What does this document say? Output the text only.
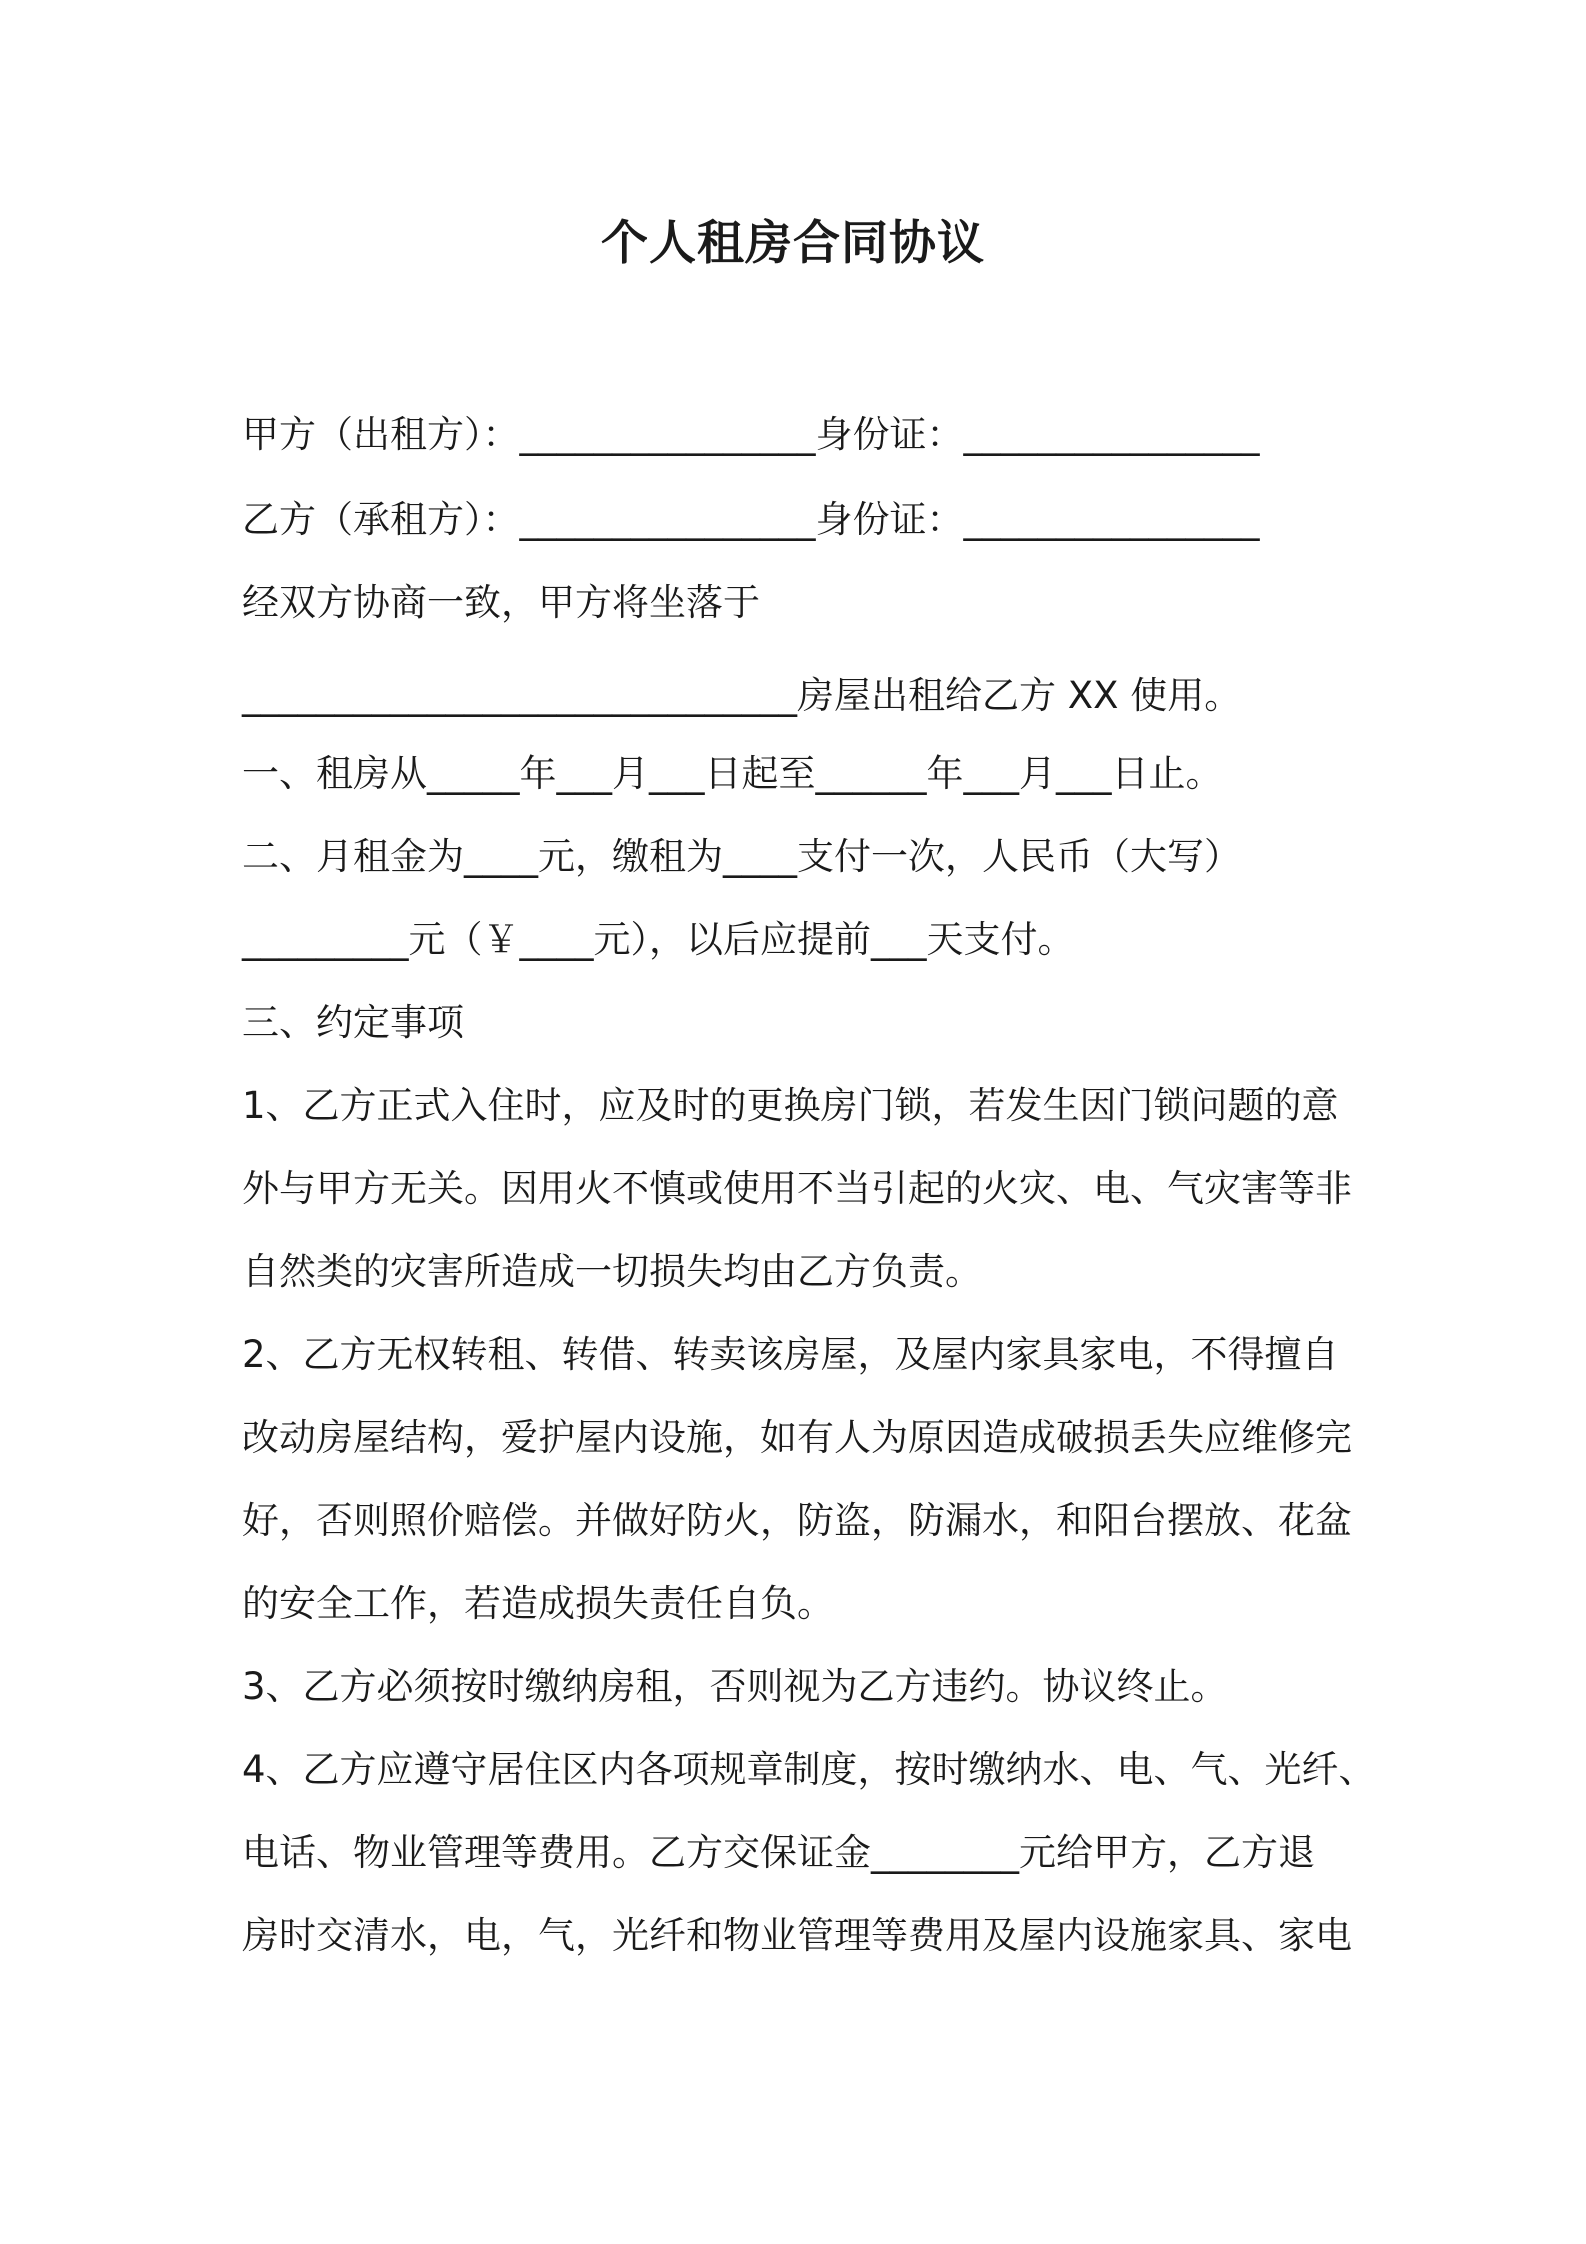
个人租房合同协议
甲方（出租方）：________________身份证：________________
乙方（承租方）：________________身份证：________________
经双方协商一致，甲方将坐落于
______________________________房屋出租给乙方 XX 使用。
一、租房从_____年___月___日起至______年___月___日止。
二、月租金为____元，缴租为____支付一次，人民币（大写）
_________元（￥____元），以后应提前___天支付。
三、约定事项
1、乙方正式入住时，应及时的更换房门锁，若发生因门锁问题的意
外与甲方无关。因用火不慎或使用不当引起的火灾、电、气灾害等非
自然类的灾害所造成一切损失均由乙方负责。
2、乙方无权转租、转借、转卖该房屋，及屋内家具家电，不得擅自
改动房屋结构，爱护屋内设施，如有人为原因造成破损丢失应维修完
好，否则照价赔偿。并做好防火，防盗，防漏水，和阳台摆放、花盆
的安全工作，若造成损失责任自负。
3、乙方必须按时缴纳房租，否则视为乙方违约。协议终止。
4、乙方应遵守居住区内各项规章制度，按时缴纳水、电、气、光纤、
电话、物业管理等费用。乙方交保证金________元给甲方，乙方退
房时交清水，电，气，光纤和物业管理等费用及屋内设施家具、家电
